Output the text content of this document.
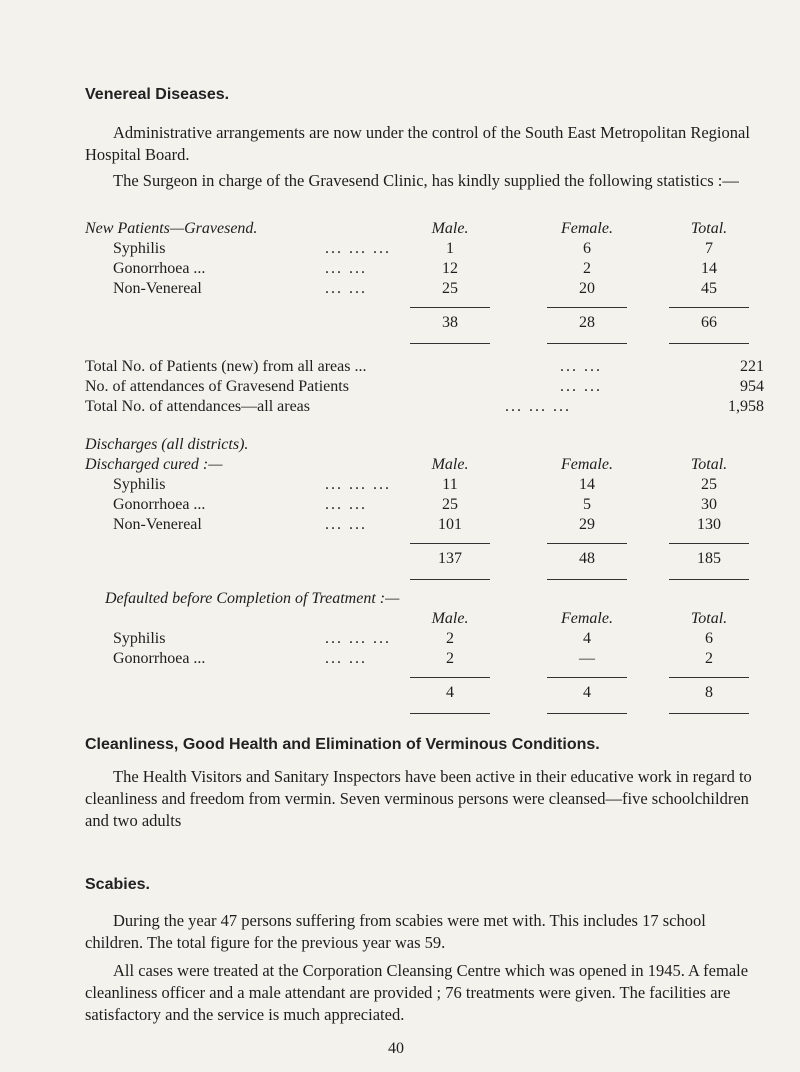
Venereal Diseases.
Administrative arrangements are now under the control of the South East Metropolitan Regional Hospital Board.
The Surgeon in charge of the Gravesend Clinic, has kindly supplied the following statistics :—
New Patients—Gravesend.	Male.	Female.	Total.
Syphilis	... ... ...	1	6	7
Gonorrhoea ...	... ...	12	2	14
Non-Venereal	... ...	25	20	45
38	28	66
Total No. of Patients (new) from all areas ...	... ...	221
No. of attendances of Gravesend Patients	... ...	954
Total No. of attendances—all areas	... ... ...	1,958
Discharges (all districts).
Discharged cured :—	Male.	Female.	Total.
Syphilis	... ... ...	11	14	25
Gonorrhoea ...	... ...	25	5	30
Non-Venereal	... ...	101	29	130
137	48	185
Defaulted before Completion of Treatment :—
Male.	Female.	Total.
Syphilis	... ... ...	2	4	6
Gonorrhoea ...	... ...	2	—	2
4	4	8
Cleanliness, Good Health and Elimination of Verminous Conditions.
The Health Visitors and Sanitary Inspectors have been active in their educative work in regard to cleanliness and freedom from vermin. Seven verminous persons were cleansed—five schoolchildren and two adults
Scabies.
During the year 47 persons suffering from scabies were met with. This includes 17 school children. The total figure for the previous year was 59.
All cases were treated at the Corporation Cleansing Centre which was opened in 1945. A female cleanliness officer and a male attendant are provided ; 76 treatments were given. The facilities are satisfactory and the service is much appreciated.
40
